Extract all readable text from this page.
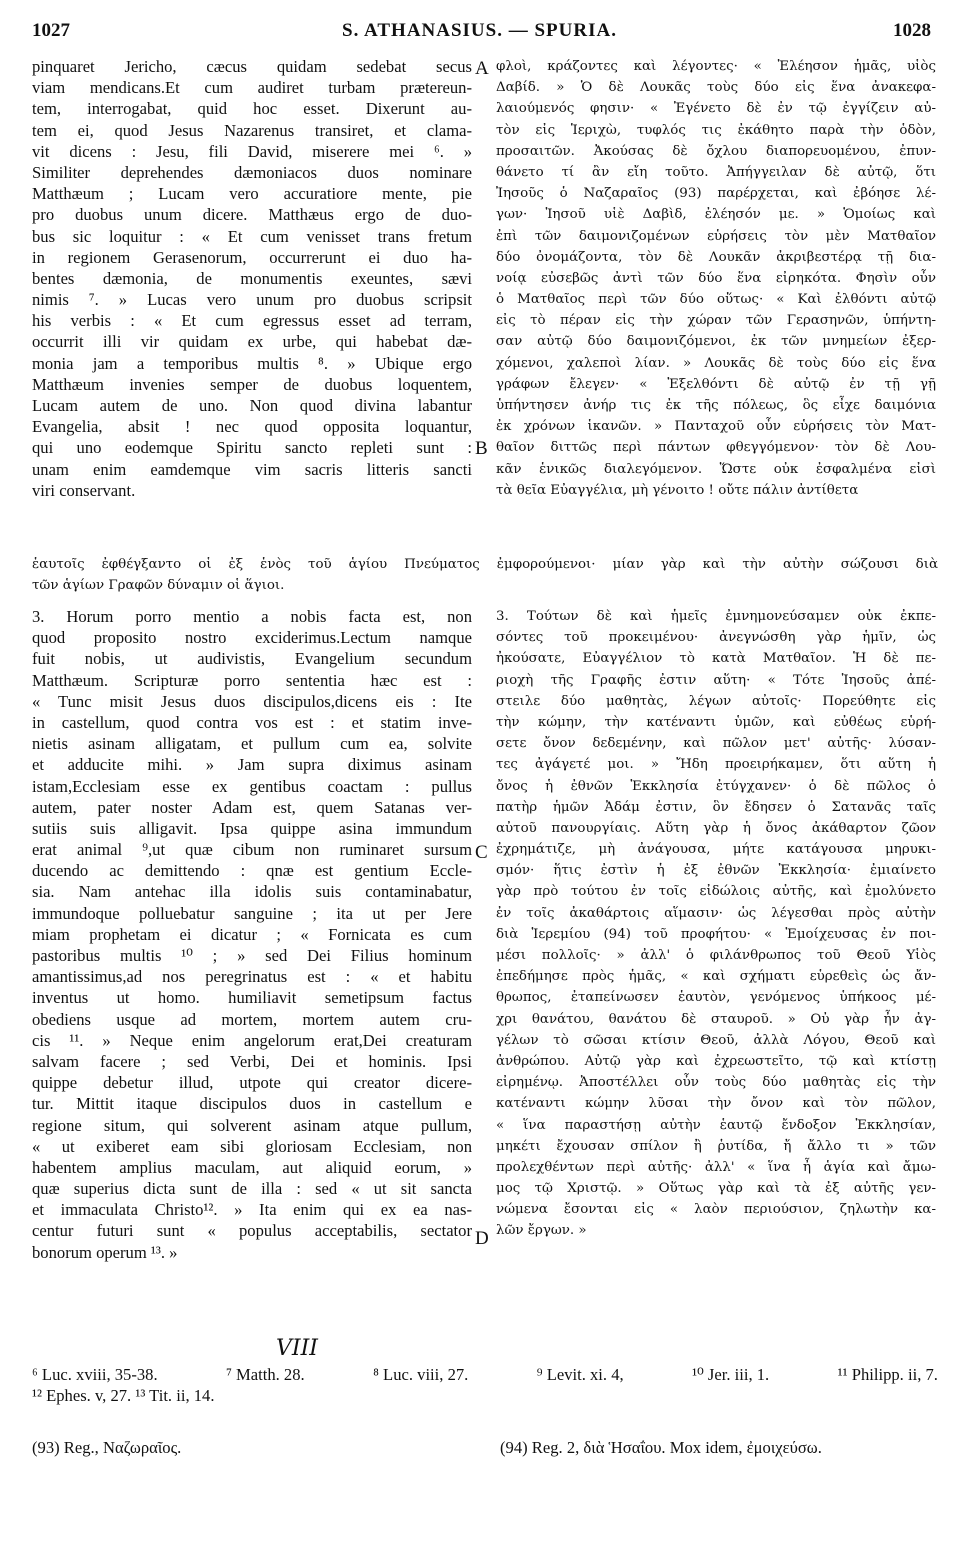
1027	S. ATHANASIUS. — SPURIA.	1028
pinquaret Jericho, cæcus quidam sedebat secus
viam mendicans.Et cum audiret turbam prætereun-
tem, interrogabat, quid hoc esset. Dixerunt au-
tem ei, quod Jesus Nazarenus transiret, et clama-
vit dicens : Jesu, fili David, miserere mei ⁶. »
Similiter deprehendes dæmoniacos duos nominare
Matthæum ; Lucam vero accuratiore mente, pie
pro duobus unum dicere. Matthæus ergo de duo-
bus sic loquitur : « Et cum venisset trans fretum
in regionem Gerasenorum, occurrerunt ei duo ha-
bentes dæmonia, de monumentis exeuntes, sævi
nimis ⁷. » Lucas vero unum pro duobus scripsit
his verbis : « Et cum egressus esset ad terram,
occurrit illi vir quidam ex urbe, qui habebat dæ-
monia jam a temporibus multis ⁸. » Ubique ergo
Matthæum invenies semper de duobus loquentem,
Lucam autem de uno. Non quod divina labantur
Evangelia, absit ! nec quod opposita loquantur,
qui uno eodemque Spiritu sancto repleti sunt :
unam enim eamdemque vim sacris litteris sancti
viri conservant.
φλοὶ, κράζοντες καὶ λέγοντες· « Ἐλέησον ἡμᾶς, υἱὸς
Δαβίδ. » Ὁ δὲ Λουκᾶς τοὺς δύο εἰς ἕνα ἀνακεφα-
λαιούμενός φησιν· « Ἐγένετο δὲ ἐν τῷ ἐγγίζειν αὐ-
τὸν εἰς Ἱεριχὼ, τυφλός τις ἐκάθητο παρὰ τὴν ὁδὸν,
προσαιτῶν. Ἀκούσας δὲ ὄχλου διαπορευομένου, ἐπυν-
θάνετο τί ἂν εἴη τοῦτο. Ἀπήγγειλαν δὲ αὐτῷ, ὅτι
Ἰησοῦς ὁ Ναζαραῖος (93) παρέρχεται, καὶ ἐβόησε λέ-
γων· Ἰησοῦ υἱὲ Δαβὶδ, ἐλέησόν με. » Ὁμοίως καὶ
ἐπὶ τῶν δαιμονιζομένων εὑρήσεις τὸν μὲν Ματθαῖον
δύο ὀνομάζοντα, τὸν δὲ Λουκᾶν ἀκριβεστέρᾳ τῇ δια-
νοίᾳ εὐσεβῶς ἀντὶ τῶν δύο ἕνα εἰρηκότα. Φησὶν οὖν
ὁ Ματθαῖος περὶ τῶν δύο οὕτως· « Καὶ ἐλθόντι αὐτῷ
εἰς τὸ πέραν εἰς τὴν χώραν τῶν Γερασηνῶν, ὑπήντη-
σαν αὐτῷ δύο δαιμονιζόμενοι, ἐκ τῶν μνημείων ἐξερ-
χόμενοι, χαλεποὶ λίαν. » Λουκᾶς δὲ τοὺς δύο εἰς ἕνα
γράφων ἔλεγεν· « Ἐξελθόντι δὲ αὐτῷ ἐν τῇ γῇ
ὑπήντησεν ἀνήρ τις ἐκ τῆς πόλεως, ὃς εἶχε δαιμόνια
ἐκ χρόνων ἱκανῶν. » Πανταχοῦ οὖν εὑρήσεις τὸν Ματ-
θαῖον διττῶς περὶ πάντων φθεγγόμενον· τὸν δὲ Λου-
κᾶν ἑνικῶς διαλεγόμενον. Ὥστε οὐκ ἐσφαλμένα εἰσὶ
τὰ θεῖα Εὐαγγέλια, μὴ γένοιτο ! οὔτε πάλιν ἀντίθετα
A
B
C
D
ἑαυτοῖς ἐφθέγξαντο οἱ ἐξ ἑνὸς τοῦ ἁγίου Πνεύματος ἐμφορούμενοι· μίαν γὰρ καὶ τὴν αὐτὴν σώζουσι διὰ
τῶν ἁγίων Γραφῶν δύναμιν οἱ ἅγιοι.
3. Horum porro mentio a nobis facta est, non
quod proposito nostro exciderimus.Lectum namque
fuit nobis, ut audivistis, Evangelium secundum
Matthæum. Scripturæ porro sententia hæc est :
« Tunc misit Jesus duos discipulos,dicens eis : Ite
in castellum, quod contra vos est : et statim inve-
nietis asinam alligatam, et pullum cum ea, solvite
et adducite mihi. » Jam supra diximus asinam
istam,Ecclesiam esse ex gentibus coactam : pullus
autem, pater noster Adam est, quem Satanas ver-
sutiis suis alligavit. Ipsa quippe asina immundum
erat animal ⁹,ut quæ cibum non ruminaret sursum
ducendo ac demittendo : qnæ est gentium Eccle-
sia. Nam antehac illa idolis suis contaminabatur,
immundoque polluebatur sanguine ; ita ut per Jere
miam prophetam ei dicatur ; « Fornicata es cum
pastoribus multis ¹⁰ ; » sed Dei Filius hominum
amantissimus,ad nos peregrinatus est : « et habitu
inventus ut homo. humiliavit semetipsum factus
obediens usque ad mortem, mortem autem cru-
cis ¹¹. » Neque enim angelorum erat,Dei creaturam
salvam facere ; sed Verbi, Dei et hominis. Ipsi
quippe debetur illud, utpote qui creator dicere-
tur. Mittit itaque discipulos duos in castellum e
regione situm, qui solverent asinam atque pullum,
« ut exiberet eam sibi gloriosam Ecclesiam, non
habentem amplius maculam, aut aliquid eorum, »
quæ superius dicta sunt de illa : sed « ut sit sancta
et immaculata Christo¹². » Ita enim qui ex ea nas-
centur futuri sunt « populus acceptabilis, sectator
bonorum operum ¹³. »
3. Τούτων δὲ καὶ ἡμεῖς ἐμνημονεύσαμεν οὐκ ἐκπε-
σόντες τοῦ προκειμένου· ἀνεγνώσθη γὰρ ἡμῖν, ὡς
ἠκούσατε, Εὐαγγέλιον τὸ κατὰ Ματθαῖον. Ἡ δὲ πε-
ριοχὴ τῆς Γραφῆς ἐστιν αὕτη· « Τότε Ἰησοῦς ἀπέ-
στειλε δύο μαθητὰς, λέγων αὐτοῖς· Πορεύθητε εἰς
τὴν κώμην, τὴν κατέναντι ὑμῶν, καὶ εὐθέως εὑρή-
σετε ὄνον δεδεμένην, καὶ πῶλον μετ' αὐτῆς· λύσαν-
τες ἀγάγετέ μοι. » Ἤδη προειρήκαμεν, ὅτι αὕτη ἡ
ὄνος ἡ ἐθνῶν Ἐκκλησία ἐτύγχανεν· ὁ δὲ πῶλος ὁ
πατὴρ ἡμῶν Ἀδάμ ἐστιν, ὃν ἔδησεν ὁ Σατανᾶς ταῖς
αὐτοῦ πανουργίαις. Αὕτη γὰρ ἡ ὄνος ἀκάθαρτον ζῶον
ἐχρημάτιζε, μὴ ἀνάγουσα, μήτε κατάγουσα μηρυκι-
σμόν· ἥτις ἐστὶν ἡ ἐξ ἐθνῶν Ἐκκλησία· ἐμιαίνετο
γὰρ πρὸ τούτου ἐν τοῖς εἰδώλοις αὐτῆς, καὶ ἐμολύνετο
ἐν τοῖς ἀκαθάρτοις αἵμασιν· ὡς λέγεσθαι πρὸς αὐτὴν
διὰ Ἱερεμίου (94) τοῦ προφήτου· « Ἐμοίχευσας ἐν ποι-
μέσι πολλοῖς· » ἀλλ' ὁ φιλάνθρωπος τοῦ Θεοῦ Υἱὸς
ἐπεδήμησε πρὸς ἡμᾶς, « καὶ σχήματι εὑρεθεὶς ὡς ἄν-
θρωπος, ἐταπείνωσεν ἑαυτὸν, γενόμενος ὑπήκοος μέ-
χρι θανάτου, θανάτου δὲ σταυροῦ. » Οὐ γὰρ ἦν ἀγ-
γέλων τὸ σῶσαι κτίσιν Θεοῦ, ἀλλὰ Λόγου, Θεοῦ καὶ
ἀνθρώπου. Αὐτῷ γὰρ καὶ ἐχρεωστεῖτο, τῷ καὶ κτίστῃ
εἰρημένῳ. Ἀποστέλλει οὖν τοὺς δύο μαθητὰς εἰς τὴν
κατέναντι κώμην λῦσαι τὴν ὄνον καὶ τὸν πῶλον,
« ἵνα παραστήσῃ αὐτὴν ἑαυτῷ ἔνδοξον Ἐκκλησίαν,
μηκέτι ἔχουσαν σπίλον ἢ ῥυτίδα, ἤ ἄλλο τι » τῶν
προλεχθέντων περὶ αὐτῆς· ἀλλ' « ἵνα ἦ ἁγία καὶ ἄμω-
μος τῷ Χριστῷ. » Οὕτως γὰρ καὶ τὰ ἐξ αὐτῆς γεν-
νώμενα ἔσονται εἰς « λαὸν περιούσιον, ζηλωτὴν κα-
λῶν ἔργων. »
VIII
⁶ Luc. xviii, 35-38.	⁷ Matth. 28.	⁸ Luc. viii, 27.	⁹ Levit. xi. 4,	¹⁰ Jer. iii, 1.	¹¹ Philipp. ii, 7.
¹² Ephes. v, 27. ¹³ Tit. ii, 14.
(93) Reg., Ναζωραῖος.	(94) Reg. 2, διὰ Ἡσαΐου. Mox idem, ἐμοιχεύσω.
